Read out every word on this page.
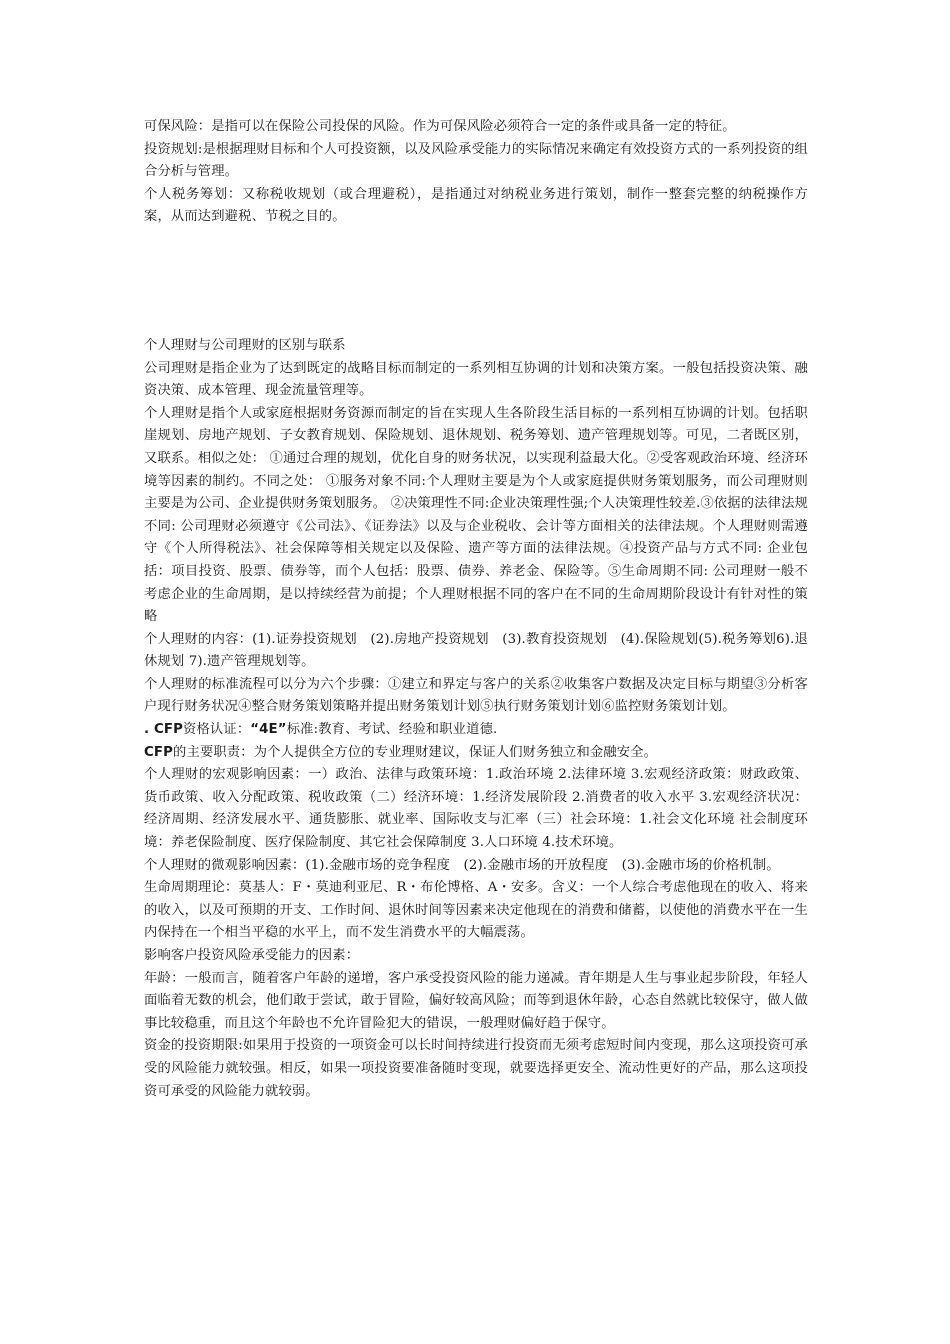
可保风险：是指可以在保险公司投保的风险。作为可保风险必须符合一定的条件或具备一定的特征。

投资规划:是根据理财目标和个人可投资额，以及风险承受能力的实际情况来确定有效投资方式的一系列投资的组合分析与管理。

个人税务筹划：又称税收规划（或合理避税），是指通过对纳税业务进行策划，制作一整套完整的纳税操作方案，从而达到避税、节税之目的。

个人理财与公司理财的区别与联系

公司理财是指企业为了达到既定的战略目标而制定的一系列相互协调的计划和决策方案。一般包括投资决策、融资决策、成本管理、现金流量管理等。

个人理财是指个人或家庭根据财务资源而制定的旨在实现人生各阶段生活目标的一系列相互协调的计划。包括职崖规划、房地产规划、子女教育规划、保险规划、退休规划、税务筹划、遗产管理规划等。可见，二者既区别，又联系。相似之处： ①通过合理的规划，优化自身的财务状况，以实现利益最大化。②受客观政治环境、经济环境等因素的制约。不同之处： ①服务对象不同:个人理财主要是为个人或家庭提供财务策划服务，而公司理财则主要是为公司、企业提供财务策划服务。 ②决策理性不同:企业决策理性强;个人决策理性较差.③依据的法律法规不同: 公司理财必须遵守《公司法》、《证券法》以及与企业税收、会计等方面相关的法律法规。个人理财则需遵守《个人所得税法》、社会保障等相关规定以及保险、遗产等方面的法律法规。④投资产品与方式不同: 企业包括：项目投资、股票、债券等，而个人包括：股票、债券、养老金、保险等。⑤生命周期不同: 公司理财一般不考虑企业的生命周期，是以持续经营为前提；个人理财根据不同的客户在不同的生命周期阶段设计有针对性的策略

个人理财的内容：(1).证券投资规划　(2).房地产投资规划　(3).教育投资规划　(4).保险规划(5).税务筹划6).退休规划 7).遗产管理规划等。

个人理财的标准流程可以分为六个步骤：①建立和界定与客户的关系②收集客户数据及决定目标与期望③分析客户现行财务状况④整合财务策划策略并提出财务策划计划⑤执行财务策划计划⑥监控财务策划计划。

. CFP资格认证：“4E”标准:教育、考试、经验和职业道德.

CFP的主要职责：为个人提供全方位的专业理财建议，保证人们财务独立和金融安全。

个人理财的宏观影响因素：一）政治、法律与政策环境：1.政治环境 2.法律环境 3.宏观经济政策：财政政策、货币政策、收入分配政策、税收政策（二）经济环境：1.经济发展阶段 2.消费者的收入水平 3.宏观经济状况：经济周期、经济发展水平、通货膨胀、就业率、国际收支与汇率（三）社会环境：1.社会文化环境 社会制度环境：养老保险制度、医疗保险制度、其它社会保障制度 3.人口环境 4.技术环境。

个人理财的微观影响因素：(1).金融市场的竞争程度　(2).金融市场的开放程度　(3).金融市场的价格机制。

生命周期理论：莫基人：F・莫迪利亚尼、R・布伦博格、A・安多。含义：一个人综合考虑他现在的收入、将来的收入，以及可预期的开支、工作时间、退休时间等因素来决定他现在的消费和储蓄，以使他的消费水平在一生内保持在一个相当平稳的水平上，而不发生消费水平的大幅震荡。

影响客户投资风险承受能力的因素：

年龄：一般而言，随着客户年龄的递增，客户承受投资风险的能力递减。青年期是人生与事业起步阶段，年轻人面临着无数的机会，他们敢于尝试，敢于冒险，偏好较高风险；而等到退休年龄，心态自然就比较保守，做人做事比较稳重，而且这个年龄也不允许冒险犯大的错误，一般理财偏好趋于保守。

资金的投资期限:如果用于投资的一项资金可以长时间持续进行投资而无须考虑短时间内变现，那么这项投资可承受的风险能力就较强。相反，如果一项投资要准备随时变现，就要选择更安全、流动性更好的产品，那么这项投资可承受的风险能力就较弱。
